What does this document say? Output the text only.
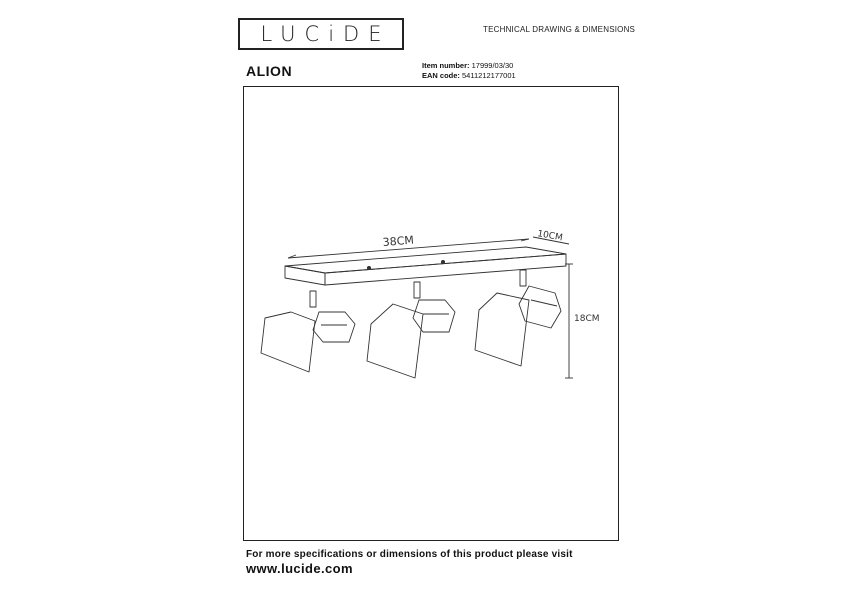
LUCiDE	TECHNICAL DRAWING & DIMENSIONS
ALION	Item number: 17999/03/30
EAN code: 5411212177001
38CM	10CM
18CM
For more specifications or dimensions of this product please visit
www.lucide.com
